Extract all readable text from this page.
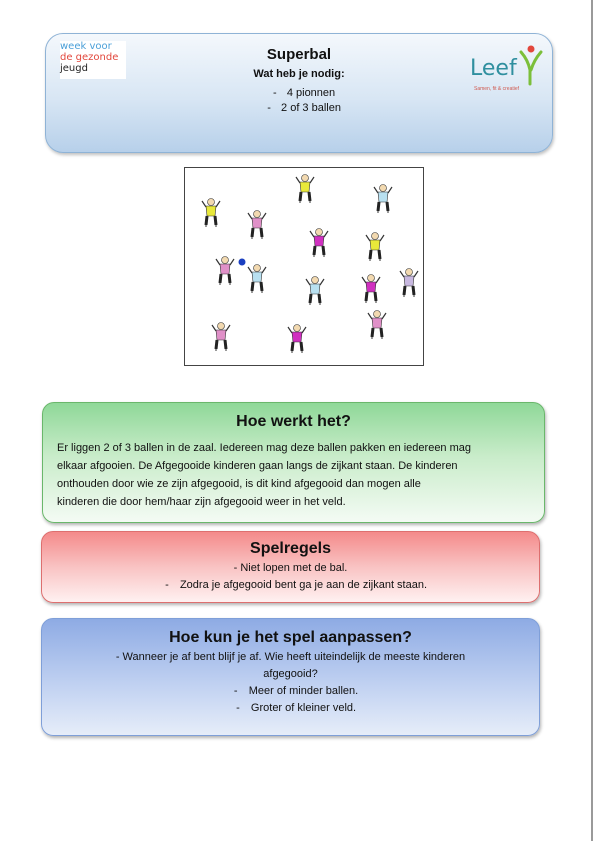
week voor
de gezonde
jeugd
Superbal
Wat heb je nodig:
- 4 pionnen
- 2 of 3 ballen
Leef
Samen, fit & creatief
Hoe werkt het?
Er liggen 2 of 3 ballen in de zaal. Iedereen mag deze ballen pakken en iedereen mag
elkaar afgooien. De Afgegooide kinderen gaan langs de zijkant staan. De kinderen
onthouden door wie ze zijn afgegooid, is dit kind afgegooid dan mogen alle
kinderen die door hem/haar zijn afgegooid weer in het veld.
Spelregels
- Niet lopen met de bal.
- Zodra je afgegooid bent ga je aan de zijkant staan.
Hoe kun je het spel aanpassen?
- Wanneer je af bent blijf je af. Wie heeft uiteindelijk de meeste kinderen
afgegooid?
- Meer of minder ballen.
- Groter of kleiner veld.
